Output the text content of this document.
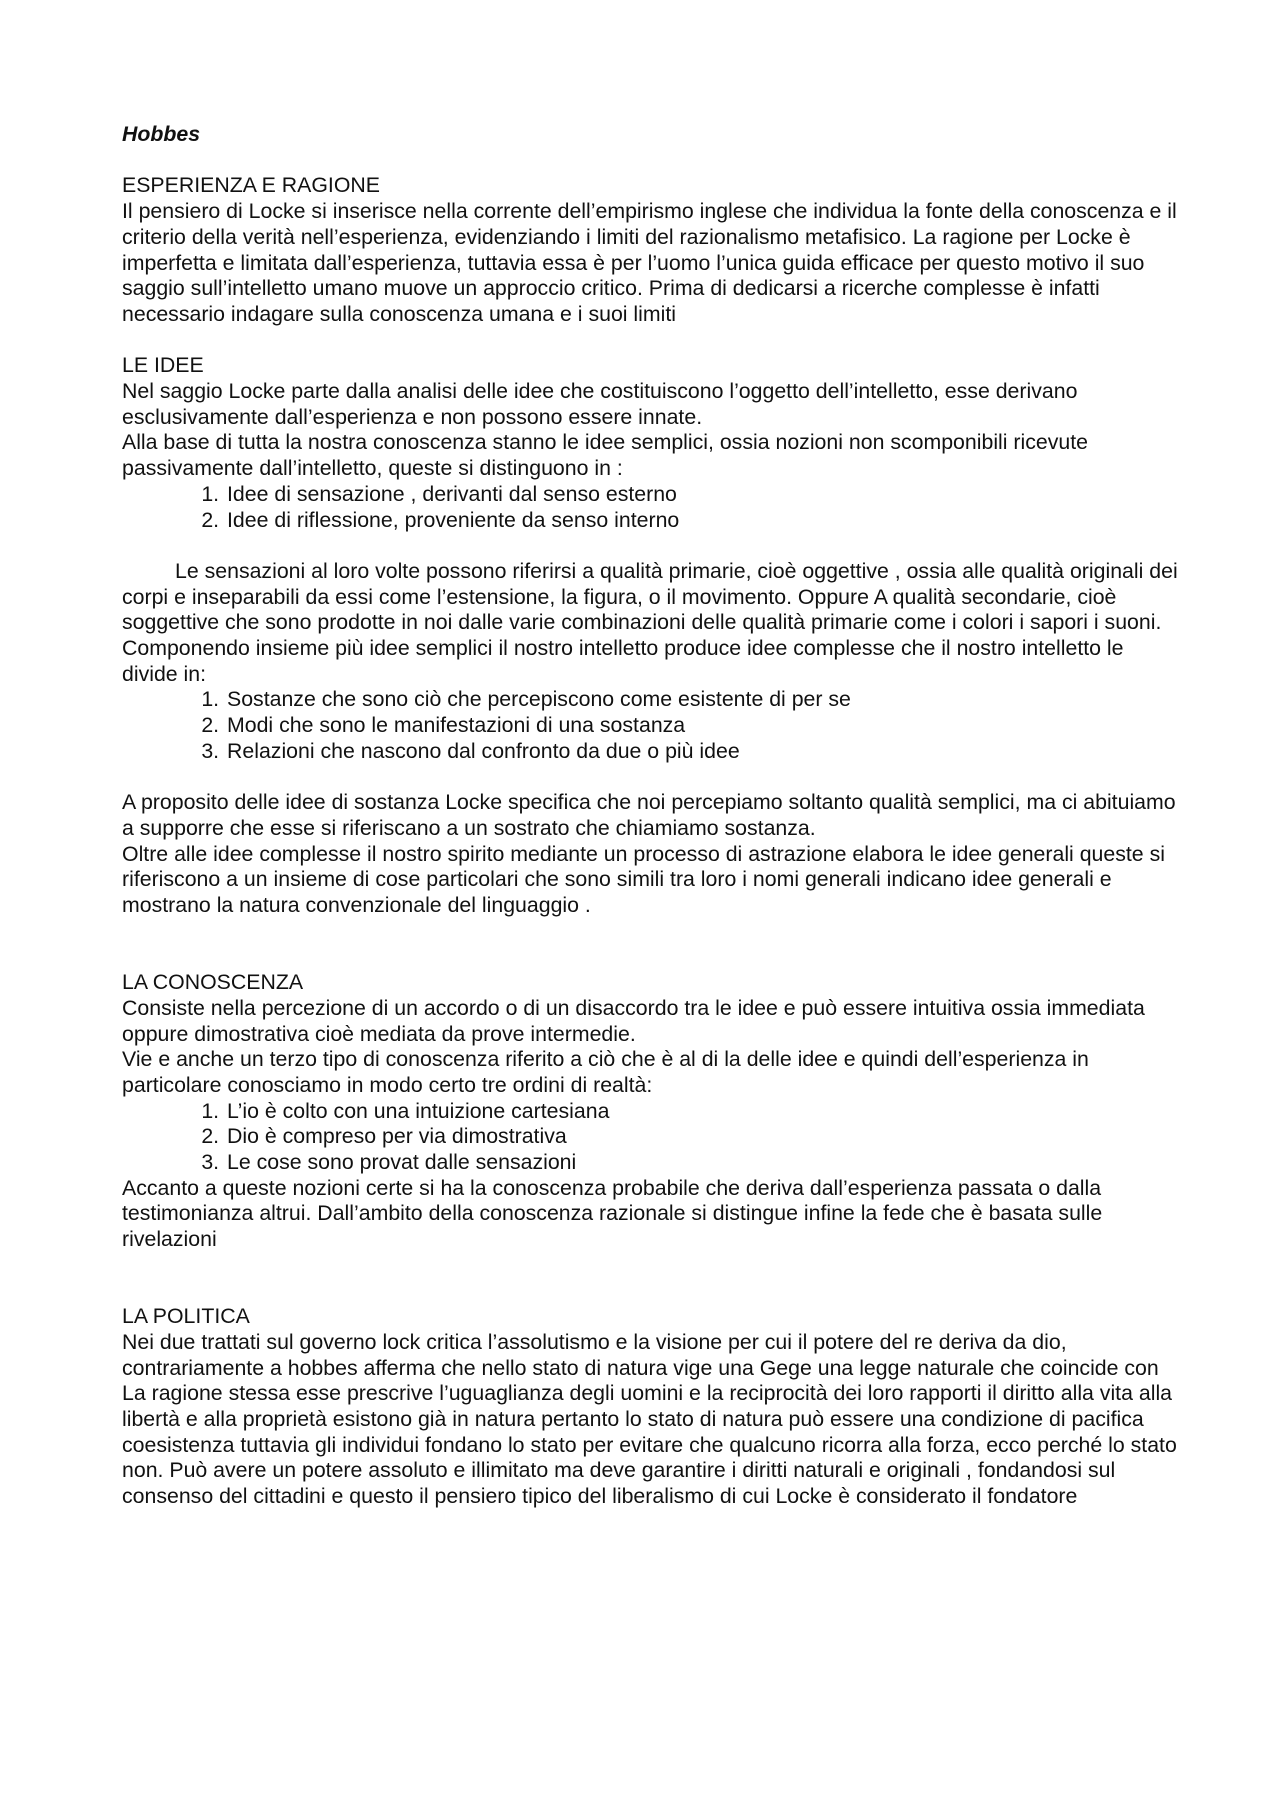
Hobbes

ESPERIENZA E RAGIONE

Il pensiero di Locke si inserisce nella corrente dell’empirismo inglese che individua la fonte della conoscenza e il criterio della verità nell’esperienza, evidenziando i limiti del razionalismo metafisico. La ragione per Locke è imperfetta e limitata dall’esperienza, tuttavia essa è per l’uomo l’unica guida efficace per questo motivo il suo saggio sull’intelletto umano muove un approccio critico. Prima di dedicarsi a ricerche complesse è infatti necessario indagare sulla conoscenza umana e i suoi limiti

LE IDEE

Nel saggio Locke parte dalla analisi delle idee che costituiscono l’oggetto dell’intelletto, esse derivano esclusivamente dall’esperienza e non possono essere innate.

Alla base di tutta la nostra conoscenza stanno le idee semplici, ossia nozioni non scomponibili ricevute passivamente dall’intelletto, queste si distinguono in :

1. Idee di sensazione , derivanti dal senso esterno
2. Idee di riflessione, proveniente da senso interno

Le sensazioni al loro volte possono riferirsi a qualità primarie, cioè oggettive , ossia alle qualità originali dei corpi e inseparabili da essi come l’estensione, la figura, o il movimento. Oppure A qualità secondarie, cioè soggettive che sono prodotte in noi dalle varie combinazioni delle qualità primarie come i colori i sapori i suoni. Componendo insieme più idee semplici il nostro intelletto produce idee complesse che il nostro intelletto le divide in:

1. Sostanze che sono ciò che percepiscono come esistente di per se
2. Modi che sono le manifestazioni di una sostanza
3. Relazioni che nascono dal confronto da due o più idee

A proposito delle idee di sostanza Locke specifica che noi percepiamo soltanto qualità semplici, ma ci abituiamo a supporre che esse si riferiscano a un sostrato che chiamiamo sostanza.

Oltre alle idee complesse il nostro spirito mediante un processo di astrazione elabora le idee generali queste si riferiscono a un insieme di cose particolari che sono simili tra loro i nomi generali indicano idee generali e mostrano la natura convenzionale del linguaggio .

LA CONOSCENZA

Consiste nella percezione di un accordo o di un disaccordo tra le idee e può essere intuitiva ossia immediata oppure dimostrativa cioè mediata da prove intermedie.

Vie e anche un terzo tipo di conoscenza riferito a ciò che è al di la delle idee e quindi dell’esperienza in particolare conosciamo in modo certo tre ordini di realtà:

1. L’io è colto con una intuizione cartesiana
2. Dio è compreso per via dimostrativa
3. Le cose sono provat dalle sensazioni

Accanto a queste nozioni certe si ha la conoscenza probabile che deriva dall’esperienza passata o dalla testimonianza altrui. Dall’ambito della conoscenza razionale si distingue infine la fede che è basata sulle rivelazioni

LA POLITICA

Nei due trattati sul governo lock critica l’assolutismo e la visione per cui il potere del re deriva da dio, contrariamente a hobbes afferma che nello stato di natura vige una Gege una legge naturale che coincide con La ragione stessa esse prescrive l’uguaglianza degli uomini e la reciprocità dei loro rapporti il diritto alla vita alla libertà e alla proprietà esistono già in natura pertanto lo stato di natura può essere una condizione di pacifica coesistenza tuttavia gli individui fondano lo stato per evitare che qualcuno ricorra alla forza, ecco perché lo stato non. Può avere un potere assoluto e illimitato ma deve garantire i diritti naturali e originali , fondandosi sul consenso del cittadini e questo il pensiero tipico del liberalismo di cui Locke è considerato il fondatore
